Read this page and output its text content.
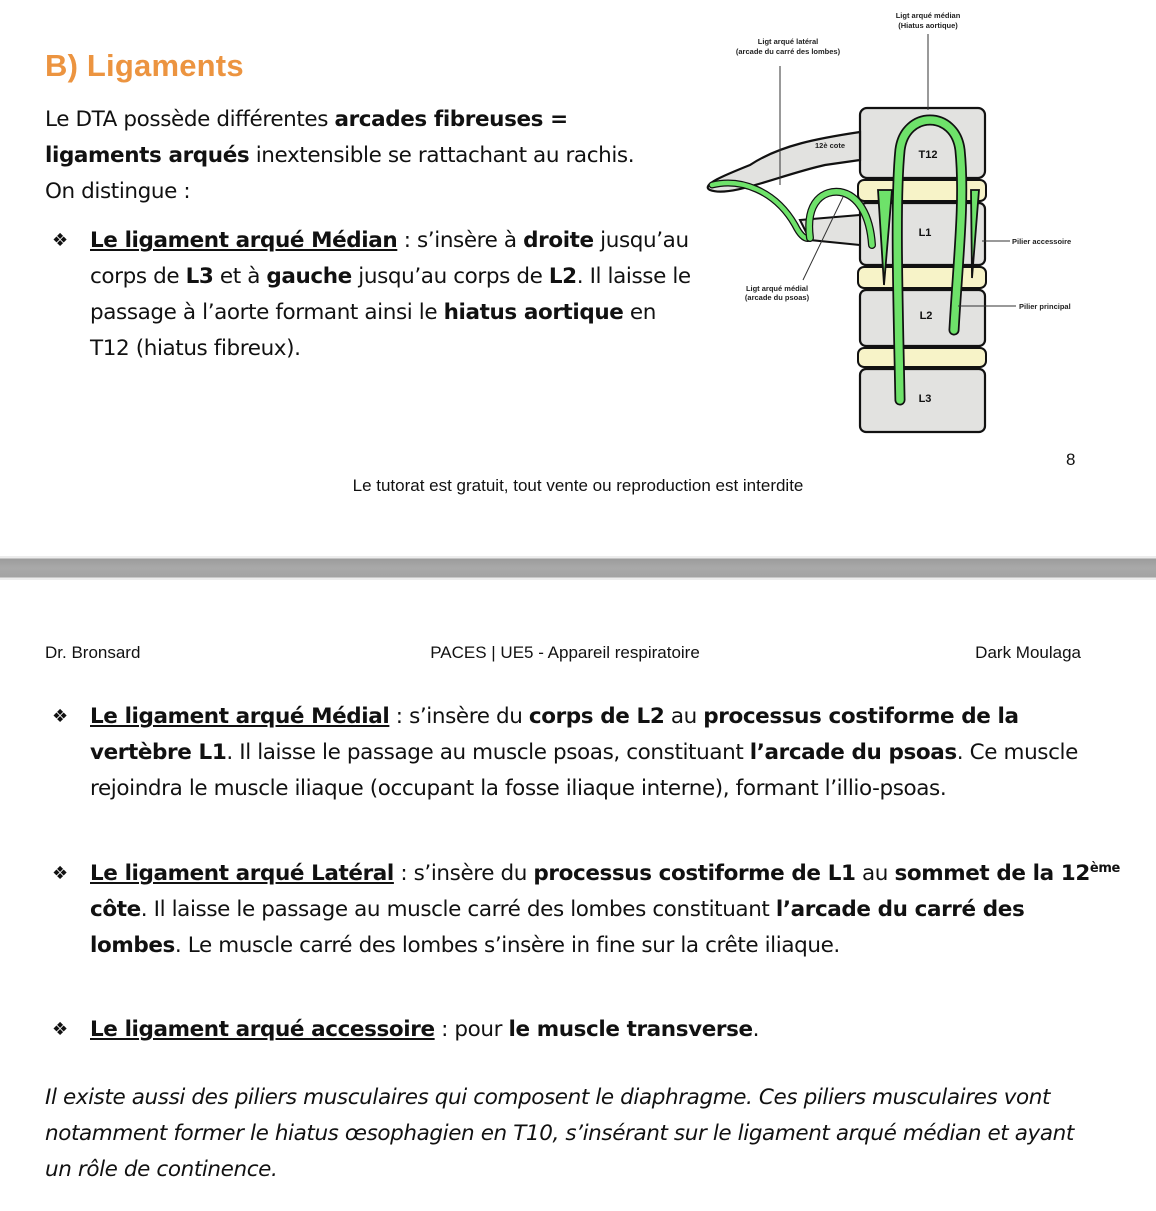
B) Ligaments
Le DTA possède différentes arcades fibreuses = ligaments arqués inextensible se rattachant au rachis. On distingue :
❖ Le ligament arqué Médian : s’insère à droite jusqu’au corps de L3 et à gauche jusqu’au corps de L2. Il laisse le passage à l’aorte formant ainsi le hiatus aortique en T12 (hiatus fibreux).
T12
L1
L2
L3
Ligt arqué médian
(Hiatus aortique)
Ligt arqué latéral
(arcade du carré des lombes)
12è cote
Ligt arqué médial
(arcade du psoas)
Pilier accessoire
Pilier principal
8
Le tutorat est gratuit, tout vente ou reproduction est interdite
Dr. Bronsard	PACES | UE5 - Appareil respiratoire	Dark Moulaga
❖ Le ligament arqué Médial : s’insère du corps de L2 au processus costiforme de la vertèbre L1. Il laisse le passage au muscle psoas, constituant l’arcade du psoas. Ce muscle rejoindra le muscle iliaque (occupant la fosse iliaque interne), formant l’illio-psoas.
❖ Le ligament arqué Latéral : s’insère du processus costiforme de L1 au sommet de la 12ème côte. Il laisse le passage au muscle carré des lombes constituant l’arcade du carré des lombes. Le muscle carré des lombes s’insère in fine sur la crête iliaque.
❖ Le ligament arqué accessoire : pour le muscle transverse.
Il existe aussi des piliers musculaires qui composent le diaphragme. Ces piliers musculaires vont notamment former le hiatus œsophagien en T10, s’insérant sur le ligament arqué médian et ayant un rôle de continence.
